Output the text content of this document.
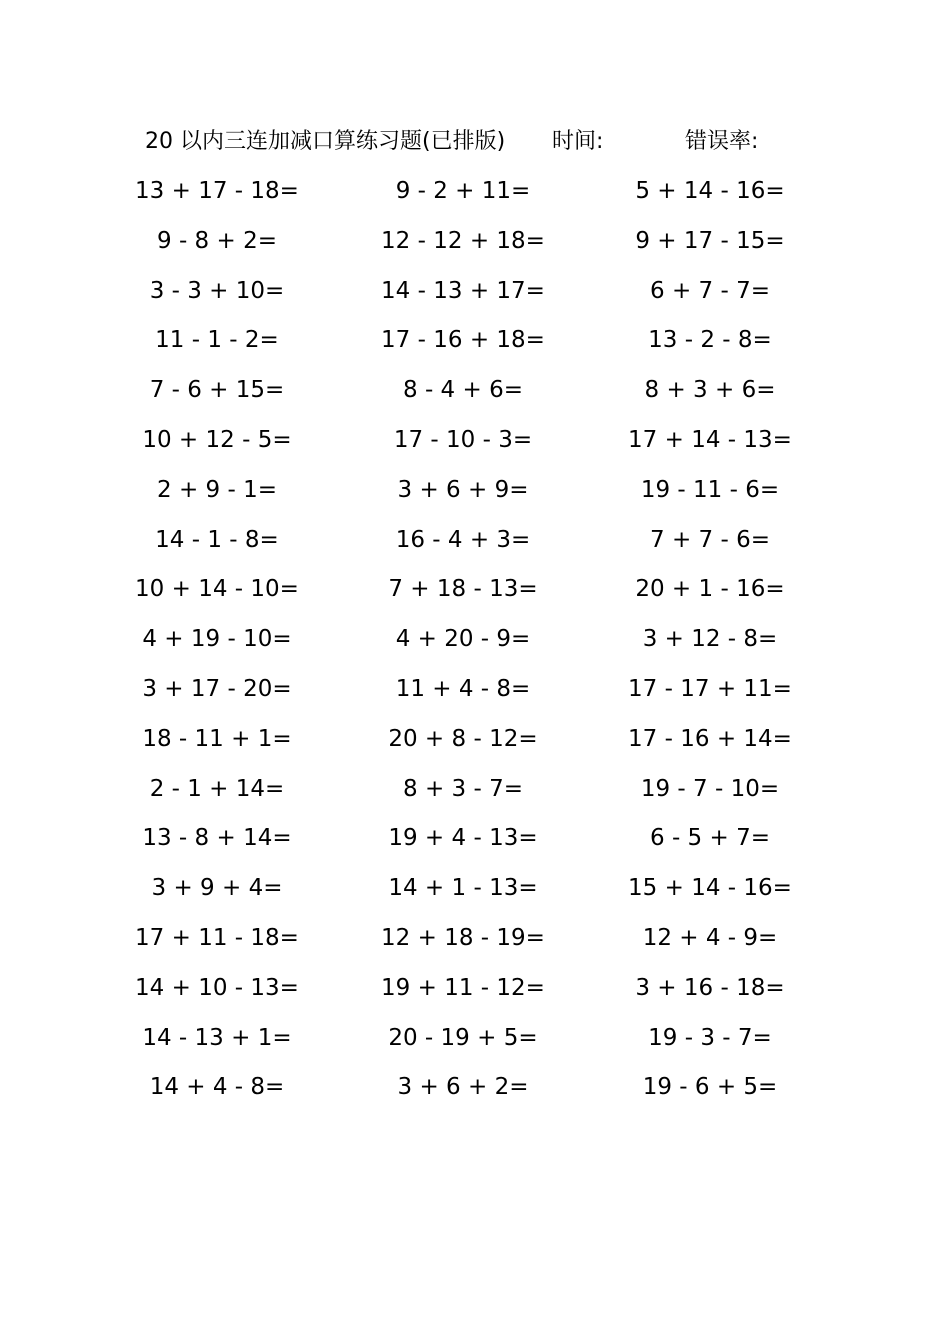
20 以内三连加减口算练习题(已排版) 时间:	错误率:
13 + 17 - 18=	9 - 2 + 11=	5 + 14 - 16=
9 - 8 + 2=	12 - 12 + 18=	9 + 17 - 15=
3 - 3 + 10=	14 - 13 + 17=	6 + 7 - 7=
11 - 1 - 2=	17 - 16 + 18=	13 - 2 - 8=
7 - 6 + 15=	8 - 4 + 6=	8 + 3 + 6=
10 + 12 - 5=	17 - 10 - 3=	17 + 14 - 13=
2 + 9 - 1=	3 + 6 + 9=	19 - 11 - 6=
14 - 1 - 8=	16 - 4 + 3=	7 + 7 - 6=
10 + 14 - 10=	7 + 18 - 13=	20 + 1 - 16=
4 + 19 - 10=	4 + 20 - 9=	3 + 12 - 8=
3 + 17 - 20=	11 + 4 - 8=	17 - 17 + 11=
18 - 11 + 1=	20 + 8 - 12=	17 - 16 + 14=
2 - 1 + 14=	8 + 3 - 7=	19 - 7 - 10=
13 - 8 + 14=	19 + 4 - 13=	6 - 5 + 7=
3 + 9 + 4=	14 + 1 - 13=	15 + 14 - 16=
17 + 11 - 18=	12 + 18 - 19=	12 + 4 - 9=
14 + 10 - 13=	19 + 11 - 12=	3 + 16 - 18=
14 - 13 + 1=	20 - 19 + 5=	19 - 3 - 7=
14 + 4 - 8=	3 + 6 + 2=	19 - 6 + 5=
